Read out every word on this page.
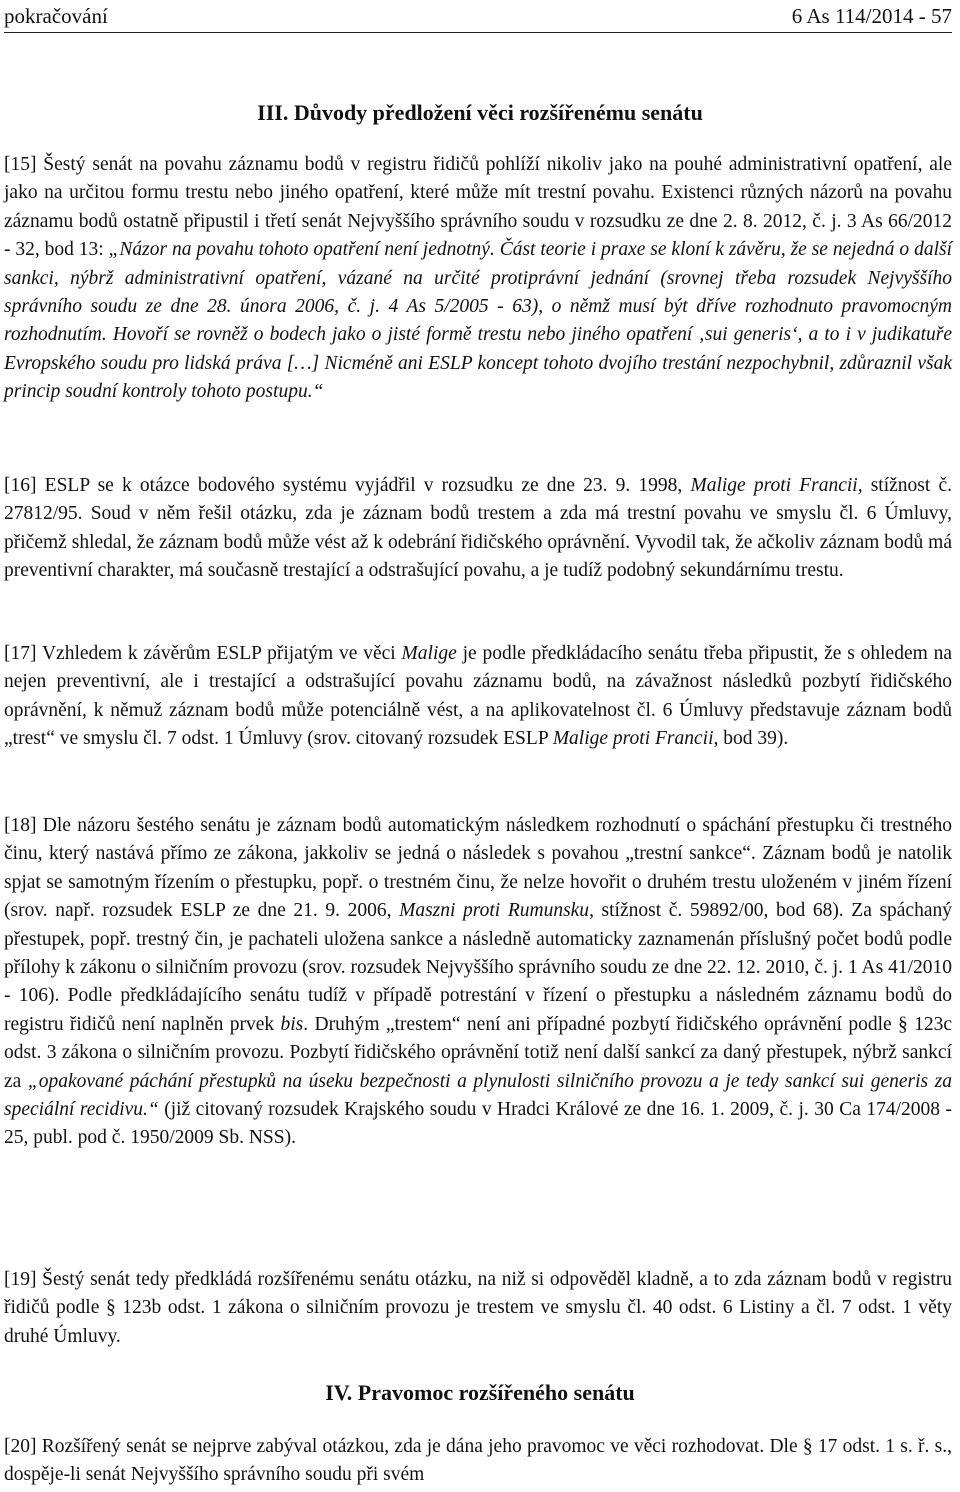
pokračování	6 As 114/2014 - 57
III. Důvody předložení věci rozšířenému senátu

[15] Šestý senát na povahu záznamu bodů v registru řidičů pohlíží nikoliv jako na pouhé administrativní opatření, ale jako na určitou formu trestu nebo jiného opatření, které může mít trestní povahu. Existenci různých názorů na povahu záznamu bodů ostatně připustil i třetí senát Nejvyššího správního soudu v rozsudku ze dne 2. 8. 2012, č. j. 3 As 66/2012 - 32, bod 13: „Názor na povahu tohoto opatření není jednotný. Část teorie i praxe se kloní k závěru, že se nejedná o další sankci, nýbrž administrativní opatření, vázané na určité protiprávní jednání (srovnej třeba rozsudek Nejvyššího správního soudu ze dne 28. února 2006, č. j. 4 As 5/2005 - 63), o němž musí být dříve rozhodnuto pravomocným rozhodnutím. Hovoří se rovněž o bodech jako o jisté formě trestu nebo jiného opatření ‚sui generis‘, a to i v judikatuře Evropského soudu pro lidská práva […] Nicméně ani ESLP koncept tohoto dvojího trestání nezpochybnil, zdůraznil však princip soudní kontroly tohoto postupu.“

[16] ESLP se k otázce bodového systému vyjádřil v rozsudku ze dne 23. 9. 1998, Malige proti Francii, stížnost č. 27812/95. Soud v něm řešil otázku, zda je záznam bodů trestem a zda má trestní povahu ve smyslu čl. 6 Úmluvy, přičemž shledal, že záznam bodů může vést až k odebrání řidičského oprávnění. Vyvodil tak, že ačkoliv záznam bodů má preventivní charakter, má současně trestající a odstrašující povahu, a je tudíž podobný sekundárnímu trestu.

[17] Vzhledem k závěrům ESLP přijatým ve věci Malige je podle předkládacího senátu třeba připustit, že s ohledem na nejen preventivní, ale i trestající a odstrašující povahu záznamu bodů, na závažnost následků pozbytí řidičského oprávnění, k němuž záznam bodů může potenciálně vést, a na aplikovatelnost čl. 6 Úmluvy představuje záznam bodů „trest“ ve smyslu čl. 7 odst. 1 Úmluvy (srov. citovaný rozsudek ESLP Malige proti Francii, bod 39).

[18] Dle názoru šestého senátu je záznam bodů automatickým následkem rozhodnutí o spáchání přestupku či trestného činu, který nastává přímo ze zákona, jakkoliv se jedná o následek s povahou „trestní sankce“. Záznam bodů je natolik spjat se samotným řízením o přestupku, popř. o trestném činu, že nelze hovořit o druhém trestu uloženém v jiném řízení (srov. např. rozsudek ESLP ze dne 21. 9. 2006, Maszni proti Rumunsku, stížnost č. 59892/00, bod 68). Za spáchaný přestupek, popř. trestný čin, je pachateli uložena sankce a následně automaticky zaznamenán příslušný počet bodů podle přílohy k zákonu o silničním provozu (srov. rozsudek Nejvyššího správního soudu ze dne 22. 12. 2010, č. j. 1 As 41/2010 - 106). Podle předkládajícího senátu tudíž v případě potrestání v řízení o přestupku a následném záznamu bodů do registru řidičů není naplněn prvek bis. Druhým „trestem“ není ani případné pozbytí řidičského oprávnění podle § 123c odst. 3 zákona o silničním provozu. Pozbytí řidičského oprávnění totiž není další sankcí za daný přestupek, nýbrž sankcí za „opakované páchání přestupků na úseku bezpečnosti a plynulosti silničního provozu a je tedy sankcí sui generis za speciální recidivu.“ (již citovaný rozsudek Krajského soudu v Hradci Králové ze dne 16. 1. 2009, č. j. 30 Ca 174/2008 - 25, publ. pod č. 1950/2009 Sb. NSS).

[19] Šestý senát tedy předkládá rozšířenému senátu otázku, na niž si odpověděl kladně, a to zda záznam bodů v registru řidičů podle § 123b odst. 1 zákona o silničním provozu je trestem ve smyslu čl. 40 odst. 6 Listiny a čl. 7 odst. 1 věty druhé Úmluvy.

IV. Pravomoc rozšířeného senátu

[20] Rozšířený senát se nejprve zabýval otázkou, zda je dána jeho pravomoc ve věci rozhodovat. Dle § 17 odst. 1 s. ř. s., dospěje-li senát Nejvyššího správního soudu při svém
